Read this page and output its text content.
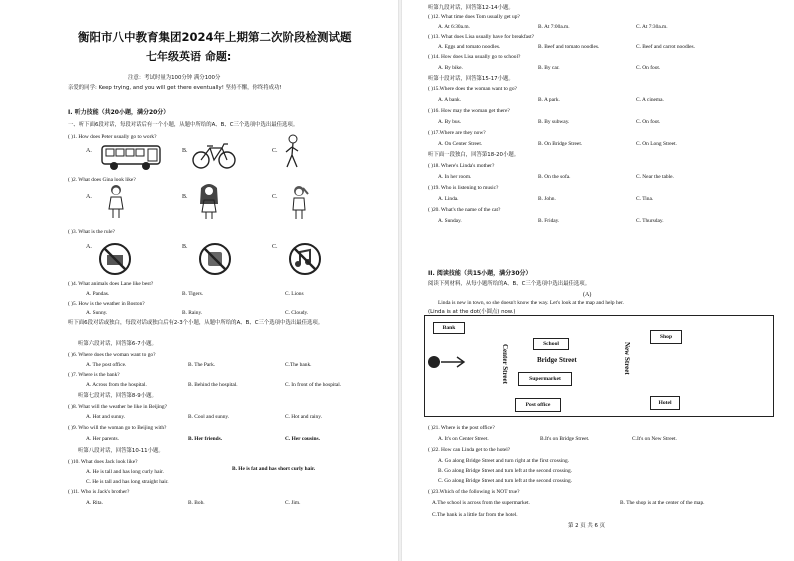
衡阳市八中教育集团2024年上期第二次阶段检测试题
注意：考试时量为100分钟 满分100分
亲爱的同学: Keep trying, and you will get there eventually! 坚持不懈，你终将成功!
七年级英语 命题:
I. 听力技能（共20小题，满分20分）
一、听下面6段对话，每段对话后有一个小题，从题中所给的A、B、C三个选项中选出最佳选项。
( )1. How does Peter usually go to work?
A.	B.	C.
( )2. What does Gina look like?
A.	B.	C.
( )3. What is the rule?
A.	B.	C.
( )4. What animals does Lane like best?
A. Pandas.	B. Tigers.	C. Lions
( )5. How is the weather in Boston?
A. Sunny.	B. Rainy.	C. Cloudy.
听下面6段对话或独白，每段对话或独白后有2-3个小题，从题中所给的A、B、C三个选项中选出最佳选项。
听第六段对话，回答第6-7小题。
( )6. Where does the woman want to go?
A. The post office.	B. The Park.	C.The bank.
( )7. Where is the bank?
A. Across from the hospital.	B. Behind the hospital.	C. In front of the hospital.
听第七段对话，回答第8-9小题。
( )8. What will the weather be like in Beijing?
A. Hot and sunny.	B. Cool and sunny.	C. Hot and rainy.
( )9. Who will the woman go to Beijing with?
A. Her parents.	B. Her friends.	C. Her cousins.
听第八段对话，回答第10-11小题。
( )10. What does Jack look like?
A. He is tall and has long curly hair.	B. He is fat and has short curly hair.
C. He is tall and has long straight hair.
( )11. Who is Jack's brother?
A. Rita.	B. Bob.	C. Jim.
听第九段对话，回答第12-14小题。
( )12. What time does Tom usually get up?
A. At 6:30a.m.	B. At 7:00a.m.	C. At 7:30a.m.
( )13. What does Lisa usually have for breakfast?
A. Eggs and tomato noodles.	B. Beef and tomato noodles.	C. Beef and carrot noodles.
( )14. How does Lisa usually go to school?
A. By bike.	B. By car.	C. On foot.
听第十段对话，回答第15-17小题。
( )15.Where does the woman want to go?
A. A bank.	B. A park.	C. A cinema.
( )16. How may the woman get there?
A. By bus.	B. By subway.	C. On foot.
( )17.Where are they now?
A. On Center Street.	B. On Bridge Street.	C. On Long Street.
听下面一段独白，回答第18-20小题。
( )18. Where's Linda's mother?
A. In her room.	B. On the sofa.	C. Near the table.
( )19. Who is listening to music?
A. Linda.	B. John.	C. Tina.
( )20. What's the name of the cat?
A. Sunday.	B. Friday.	C. Thursday.
II. 阅读技能（共15小题，满分30分）
阅读下列材料，从每小题所给的A、B、C三个选项中选出最佳选项。
(A)
Linda is new in town, so she doesn't know the way. Let's look at the map and help her.
(Linda is at the dot(小圆点) now.)
Bank
School
Shop
Supermarket
Post office	Hotel
Center Street	Bridge Street	New Street
( )21. Where is the post office?
A. It's on Center Street.	B.It's on Bridge Street.	C.It's on New Street.
( )22. How can Linda get to the hotel?
A. Go along Bridge Street and turn right at the first crossing.
B. Go along Bridge Street and turn left at the second crossing.
C. Go along Bridge Street and turn left at the second crossing.
( )23.Which of the following is NOT true?
A.The school is across from the supermarket.	B. The shop is at the center of the map.
C.The bank is a little far from the hotel.
第 2 页 共 6 页
